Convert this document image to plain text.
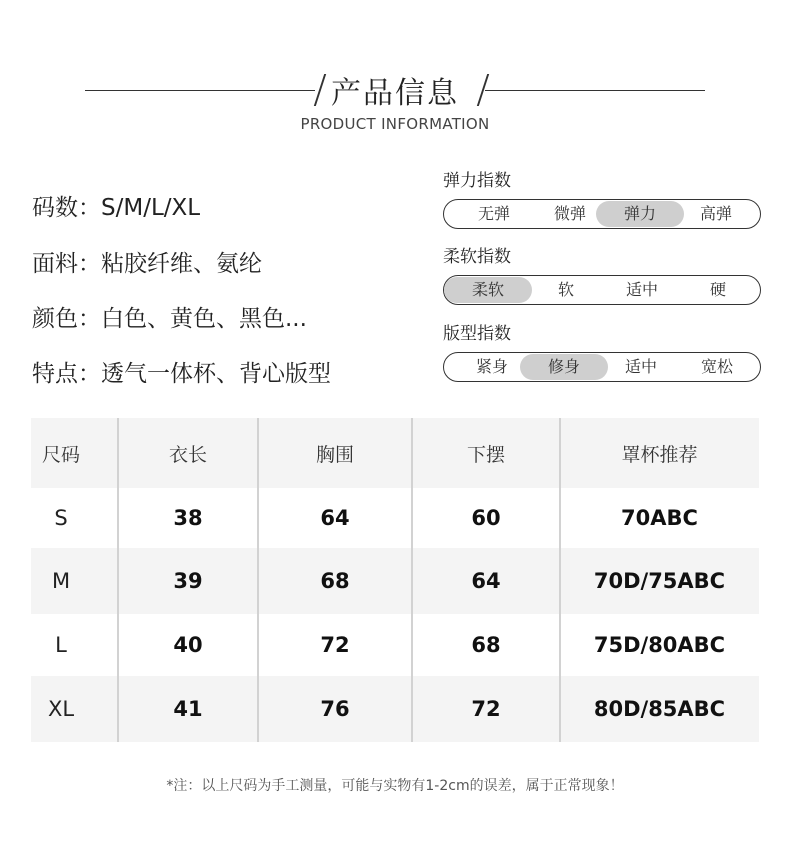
产品信息
PRODUCT INFORMATION
码数：S/M/L/XL
面料：粘胶纤维、氨纶
颜色：白色、黄色、黑色...
特点：透气一体杯、背心版型
弹力指数
无弹	微弹	弹力	高弹
柔软指数
柔软	软	适中	硬
版型指数
紧身	修身	适中	宽松
尺码	衣长	胸围	下摆	罩杯推荐
S	38	64	60	70ABC
M	39	68	64	70D/75ABC
L	40	72	68	75D/80ABC
XL	41	76	72	80D/85ABC
*注：以上尺码为手工测量，可能与实物有1-2cm的误差，属于正常现象！
